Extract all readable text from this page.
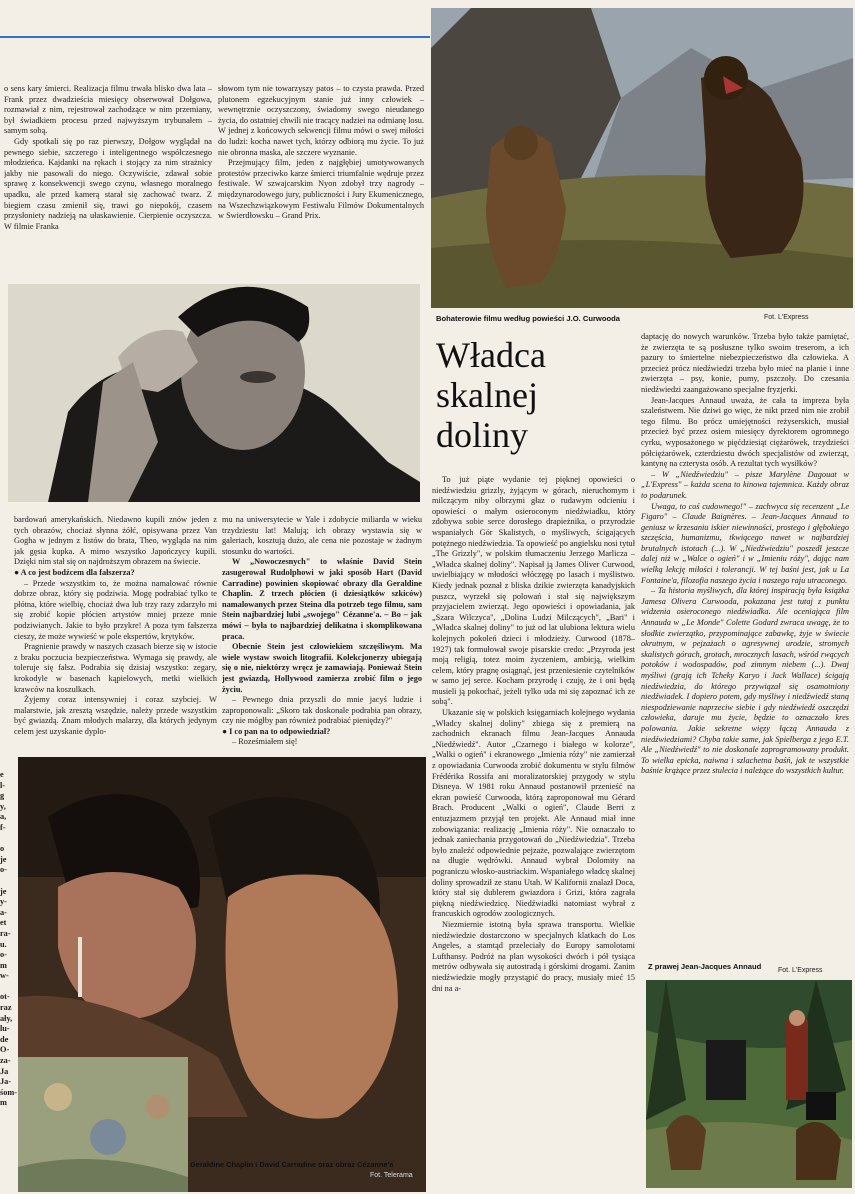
e
l-
g
y,
a,
f-
o
je
o-
je
y-
a-
et
ra-
u.
o-
m
w-
ot-
raz
ały,
lu-
de
O-
za-
Ja
Ja-
śom-
m

o sens kary śmierci. Realizacja filmu trwała blisko dwa lata – Frank przez dwadzieścia miesięcy obserwował Dołgowa, rozmawiał z nim, rejestrował zachodzące w nim przemiany, był świadkiem procesu przed najwyższym trybunałem – samym sobą.

Gdy spotkali się po raz pierwszy, Dołgow wyglądał na pewnego siebie, szczerego i inteligentnego współczesnego młodzieńca. Kajdanki na rękach i stojący za nim strażnicy jakby nie pasowali do niego. Oczywiście, zdawał sobie sprawę z konsekwencji swego czynu, własnego moralnego upadku, ale przed kamerą starał się zachować twarz. Z biegiem czasu zmienił się, trawi go niepokój, czasem przysłoniety nadzieją na ułaskawienie. Cierpienie oczyszcza. W filmie Franka

słowom tym nie towarzyszy patos – to czysta prawda. Przed plutonem egzekucyjnym stanie już inny człowiek – wewnętrznie oczyszczony, świadomy swego nieudanego życia, do ostatniej chwili nie tracący nadziei na odmianę losu. W jednej z końcowych sekwencji filmu mówi o swej miłości do ludzi: kocha nawet tych, którzy odbiorą mu życie. To już nie obronna maska, ale szczere wyznanie.

Przejmujący film, jeden z najgłębiej umotywowanych protestów przeciwko karze śmierci triumfalnie wędruje przez festiwale. W szwajcarskim Nyon zdobył trzy nagrody – międzynarodowego jury, publiczności i Jury Ekumenicznego, na Wszechzwiązkowym Festiwalu Filmów Dokumentalnych w Swierdłowsku – Grand Prix.

bardowań amerykańskich. Niedawno kupili znów jeden z tych obrazów, chociaż słynna żółć, opisywana przez Van Gogha w jednym z listów do brata, Theo, wygląda na nim jak gęsia kupka. A mimo wszystko Japończycy kupili. Dzięki nim stał się on najdroższym obrazem na świecie.

● A co jest bodźcem dla fałszerza?

– Przede wszystkim to, że można namalować równie dobrze obraz, który się podziwia. Mogę podrabiać tylko te płótna, które wielbię, chociaż dwa lub trzy razy zdarzyło mi się zrobić kopie płócien artystów mniej przeze mnie podziwianych. Jakie to było przykre! A poza tym fałszerza cieszy, że może wywieść w pole ekspertów, krytyków.

Pragnienie prawdy w naszych czasach bierze się w istocie z braku poczucia bezpieczeństwa. Wymaga się prawdy, ale toleruje się fałsz. Podrabia się dzisiaj wszystko: zegary, krokodyle w basenach kąpielowych, metki wielkich krawców na koszulkach.

Żyjemy coraz intensywniej i coraz szybciej. W malarstwie, jak zresztą wszędzie, należy przede wszystkim być gwiazdą. Znam młodych malarzy, dla których jedynym celem jest uzyskanie dyplo-

mu na uniwersytecie w Yale i zdobycie miliarda w wieku trzydziestu lat! Malują; ich obrazy wystawia się w galeriach, kosztują dużo, ale cena nie pozostaje w żadnym stosunku do wartości.

W „Nowoczesnych" to właśnie David Stein zasugerował Rudolphowi w jaki sposób Hart (David Carradine) powinien skopiować obrazy dla Geraldine Chaplin. Z trzech płócien (i dziesiątków szkiców) namalowanych przez Steina dla potrzeb tego filmu, sam Stein najbardziej lubi „swojego" Cézanne'a. – Bo – jak mówi – była to najbardziej delikatna i skomplikowana praca.

Obecnie Stein jest człowiekiem szczęśliwym. Ma wiele wystaw swoich litografii. Kolekcjonerzy ubiegają się o nie, niektórzy wręcz je zamawiają. Ponieważ Stein jest gwiazdą, Hollywood zamierza zrobić film o jego życiu.

– Pewnego dnia przyszli do mnie jacyś ludzie i zaproponowali: „Skoro tak doskonale podrabia pan obrazy, czy nie mógłby pan również podrabiać pieniędzy?"

● I co pan na to odpowiedział?

– Roześmiałem się!

Geraldine Chaplin i David Carradine oraz obraz Cézanne'a
Fot. Telerama
Bohaterowie filmu według powieści J.O. Curwooda	Fot. L'Express
Władca
skalnej
doliny

To już piąte wydanie tej pięknej opowieści o niedźwiedziu grizzly, żyjącym w górach, nieruchomym i milczącym niby olbrzymi głaz o rudawym odcieniu i opowieści o małym osieroconym niedźwiadku, który zdobywa sobie serce dorosłego drapieżnika, o przyrodzie wspaniałych Gór Skalistych, o myśliwych, ścigających potężnego niedźwiedzia. Ta opowieść po angielsku nosi tytuł „The Grizzly", w polskim tłumaczeniu Jerzego Marlicza – „Władca skalnej doliny". Napisał ją James Oliver Curwood, uwielbiający w młodości włóczęgę po lasach i myślistwo. Kiedy jednak poznał z bliska dzikie zwierzęta kanadyjskich puszcz, wyrzekł się polowań i stał się największym przyjacielem zwierząt. Jego opowieści i opowiadania, jak „Szara Wilczyca", „Dolina Ludzi Milczących", „Bari" i „Władca skalnej doliny" to już od lat ulubiona lektura wielu kolejnych pokoleń dzieci i młodzieży. Curwood (1878–1927) tak formułował swoje pisarskie credo: „Przyroda jest moją religią, totez moim życzeniem, ambicją, wielkim celem, który pragnę osiągnąć, jest przeniesienie czytelników w samo jej serce. Kocham przyrodę i czuję, że i oni będą musieli ją pokochać, jeżeli tylko uda mi się zapoznać ich ze sobą".

Ukazanie się w polskich księgarniach kolejnego wydania „Władcy skalnej doliny" zbiega się z premierą na zachodnich ekranach filmu Jean-Jacques Annauda „Niedźwiedź". Autor „Czarnego i białego w kolorze", „Walki o ogień" i ekranowego „Imienia róży" nie zamierzał z opowiadania Curwooda zrobić dokumentu w stylu filmów Frédérika Rossifa ani moralizatorskiej przygody w stylu Disneya. W 1981 roku Annaud postanowił przenieść na ekran powieść Curwooda, którą zaproponował mu Gérard Brach. Producent „Walki o ogień", Claude Berri z entuzjazmem przyjął ten projekt. Ale Annaud miał inne zobowiązania: realizację „Imienia róży". Nie oznaczało to jednak zaniechania przygotowań do „Niedźwiedzia". Trzeba było znaleźć odpowiednie pejzaże, pozwalające zwierzętom na długie wędrówki. Annaud wybrał Dolomity na pograniczu włosko-austriackim. Wspaniałego władcę skalnej doliny sprowadził ze stanu Utah. W Kalifornii znalazł Doca, który stał się dublerem gwiazdora i Grizi, która zagrała piękną niedźwiedzicę. Niedźwiadki natomiast wybrał z francuskich ogrodów zoologicznych.

Niezmiernie istotną była sprawa transportu. Wielkie niedźwiedzie dostarczono w specjalnych klatkach do Los Angeles, a stamtąd przeleciały do Europy samolotami Lufthansy. Podróż na plan wysokości dwóch i pół tysiąca metrów odbywała się autostradą i górskimi drogami. Zanim niedźwiedzie mogły przystąpić do pracy, musiały mieć 15 dni na a-

daptację do nowych warunków. Trzeba było także pamiętać, że zwierzęta te są posłuszne tylko swoim treserom, a ich pazury to śmiertelne niebezpieczeństwo dla człowieka. A przecież prócz niedźwiedzi trzeba było mieć na planie i inne zwierzęta – psy, konie, pumy, pszczoły. Do czesania niedźwiedzi zaangażowano specjalne fryzjerki.

Jean-Jacques Annaud uważa, że cała ta impreza była szaleństwem. Nie dziwi go więc, że nikt przed nim nie zrobił tego filmu. Bo prócz umiejętności reżyserskich, musiał przecież być przez osiem miesięcy dyrektorem ogromnego cyrku, wyposażonego w pięćdziesiąt ciężarówek, trzydzieści półciężarówek, czterdziestu dwóch specjalistów od zwierząt, kantynę na czterysta osób. A rezultat tych wysiłków?

– W „Niedźwiedziu" – pisze Marylène Dagouat w „L'Express" – każda scena to kinowa tajemnica. Każdy obraz to podarunek.

Uwaga, to coś cudownego!" – zachwyca się recenzent „Le Figaro" – Claude Baignères. – Jean-Jacques Annaud to geniusz w krzesaniu iskier niewinności, prostego i głębokiego szczęścia, humanizmu, tkwiącego nawet w najbardziej brutalnych istotach (...). W „Niedźwiedziu" poszedł jeszcze dalej niż w „Walce o ogień" i w „Imieniu róży", dając nam wielką lekcję miłości i tolerancji. W tej baśni jest, jak u La Fontaine'a, filozofia naszego życia i naszego raju utraconego.

– Ta historia myśliwych, dla której inspiracją była książka Jamesa Olivera Curwooda, pokazana jest tutaj z punktu widzenia osieroconego niedźwiadka. Ale oceniająca film Annauda w „Le Monde" Colette Godard zwraca uwagę, że to słodkie zwierzątko, przypominające zabawkę, żyje w świecie okrutnym, w pejzażach o agresywnej urodzie, stromych skalistych górach, grotach, mrocznych lasach, wśród rwących potoków i wodospadów, pod zimnym niebem (...). Dwaj myśliwi (grają ich Tcheky Karyo i Jack Wallace) ścigają niedźwiedzia, do którego przywiązał się osamotniony niedźwiadek. I dopiero potem, gdy myśliwy i niedźwiedź staną niespodziewanie naprzeciw siebie i gdy niedźwiedź oszczędzi człowieka, daruje mu życie, będzie to oznaczało kres polowania. Jakie sekretne więzy łączą Annauda z niedźwiedziami? Chyba takie same, jak Spielberga z jego E.T. Ale „Niedźwiedź" to nie doskonale zaprogramowany produkt. To wielka epicka, naiwna i szlachetna baśń, jak te wszystkie baśnie krążące przez stulecia i należące do wszystkich kultur.

Z prawej Jean-Jacques Annaud Fot. L'Express
